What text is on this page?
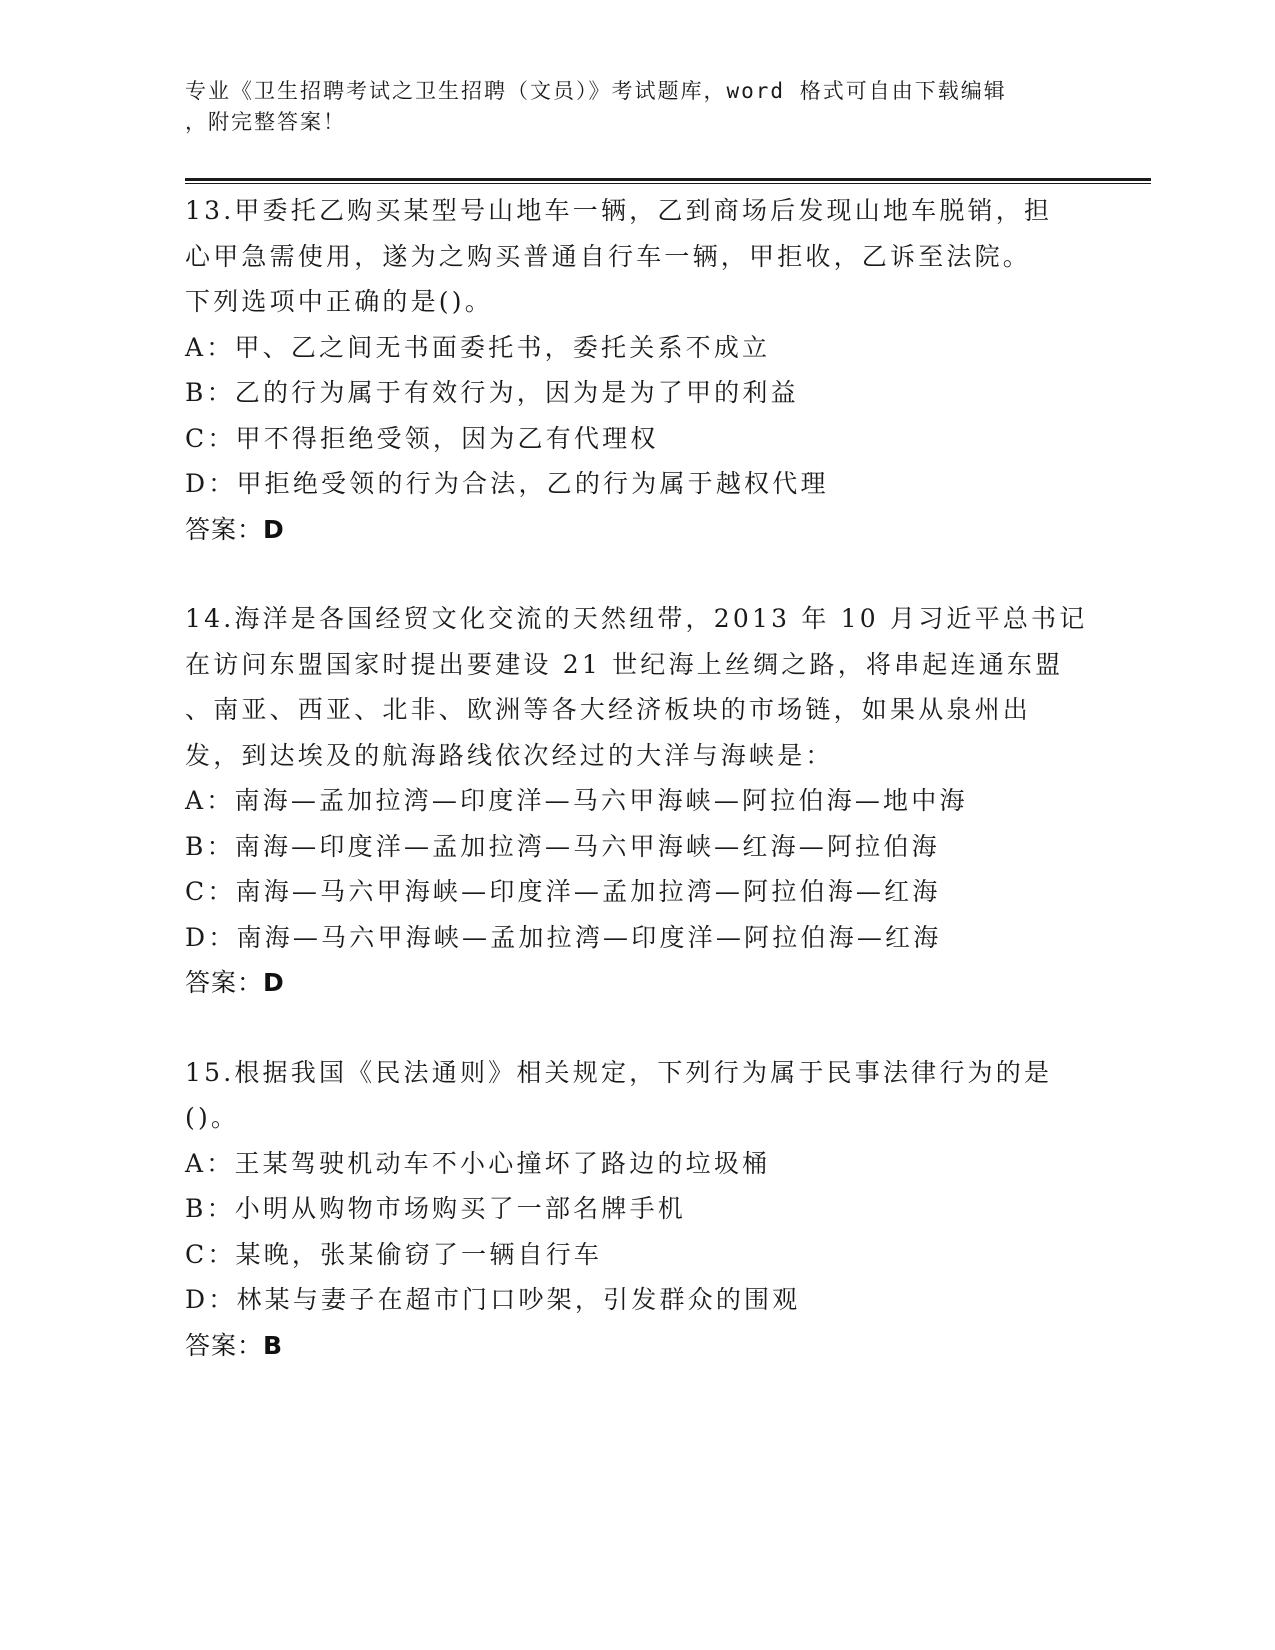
专业《卫生招聘考试之卫生招聘（文员）》考试题库，word 格式可自由下载编辑
，附完整答案！
13.甲委托乙购买某型号山地车一辆，乙到商场后发现山地车脱销，担
心甲急需使用，遂为之购买普通自行车一辆，甲拒收，乙诉至法院。
下列选项中正确的是()。
A：甲、乙之间无书面委托书，委托关系不成立
B：乙的行为属于有效行为，因为是为了甲的利益
C：甲不得拒绝受领，因为乙有代理权
D：甲拒绝受领的行为合法，乙的行为属于越权代理
答案：D
14.海洋是各国经贸文化交流的天然纽带，2013 年 10 月习近平总书记
在访问东盟国家时提出要建设 21 世纪海上丝绸之路，将串起连通东盟
、南亚、西亚、北非、欧洲等各大经济板块的市场链，如果从泉州出
发，到达埃及的航海路线依次经过的大洋与海峡是：
A：南海—孟加拉湾—印度洋—马六甲海峡—阿拉伯海—地中海
B：南海—印度洋—孟加拉湾—马六甲海峡—红海—阿拉伯海
C：南海—马六甲海峡—印度洋—孟加拉湾—阿拉伯海—红海
D：南海—马六甲海峡—孟加拉湾—印度洋—阿拉伯海—红海
答案：D
15.根据我国《民法通则》相关规定，下列行为属于民事法律行为的是
()。
A：王某驾驶机动车不小心撞坏了路边的垃圾桶
B：小明从购物市场购买了一部名牌手机
C：某晚，张某偷窃了一辆自行车
D：林某与妻子在超市门口吵架，引发群众的围观
答案：B
